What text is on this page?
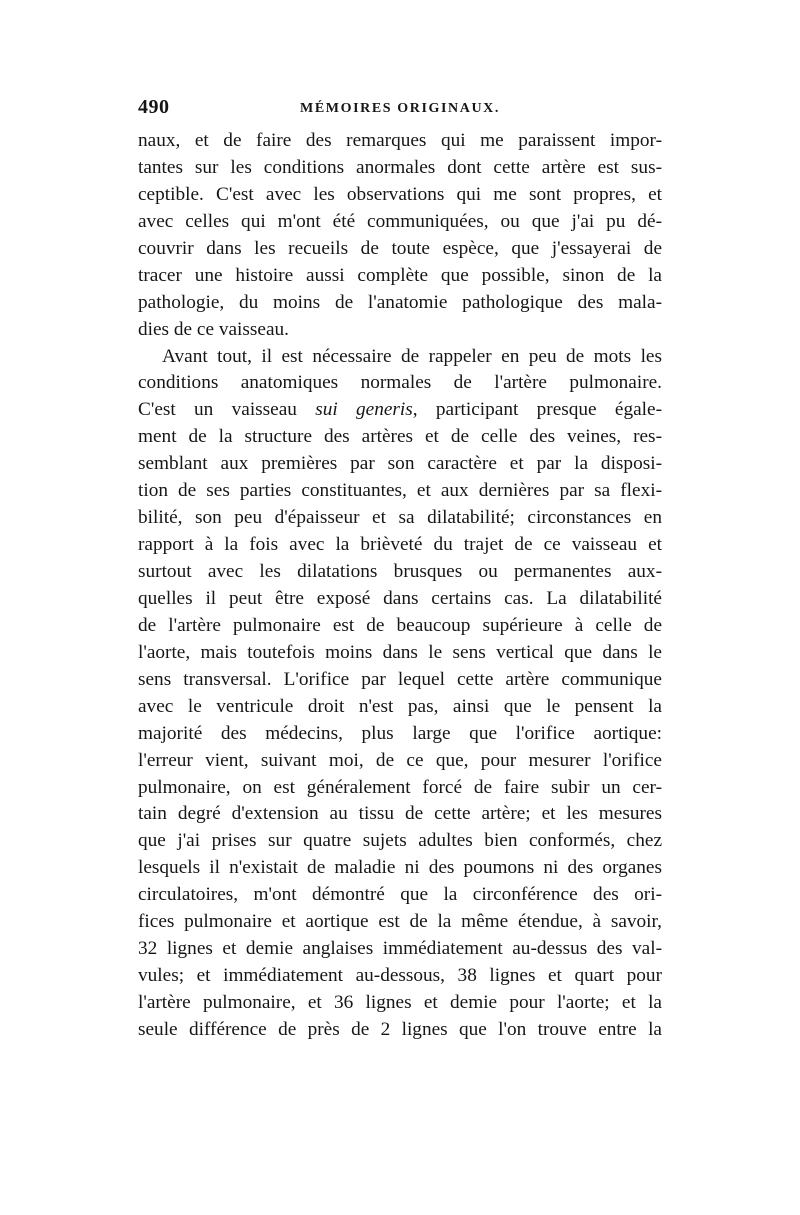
490	MÉMOIRES ORIGINAUX.
naux, et de faire des remarques qui me paraissent impor-
tantes sur les conditions anormales dont cette artère est sus-
ceptible. C'est avec les observations qui me sont propres, et
avec celles qui m'ont été communiquées, ou que j'ai pu dé-
couvrir dans les recueils de toute espèce, que j'essayerai de
tracer une histoire aussi complète que possible, sinon de la
pathologie, du moins de l'anatomie pathologique des mala-
dies de ce vaisseau.
Avant tout, il est nécessaire de rappeler en peu de mots les
conditions anatomiques normales de l'artère pulmonaire.
C'est un vaisseau sui generis, participant presque égale-
ment de la structure des artères et de celle des veines, res-
semblant aux premières par son caractère et par la disposi-
tion de ses parties constituantes, et aux dernières par sa flexi-
bilité, son peu d'épaisseur et sa dilatabilité; circonstances en
rapport à la fois avec la brièveté du trajet de ce vaisseau et
surtout avec les dilatations brusques ou permanentes aux-
quelles il peut être exposé dans certains cas. La dilatabilité
de l'artère pulmonaire est de beaucoup supérieure à celle de
l'aorte, mais toutefois moins dans le sens vertical que dans le
sens transversal. L'orifice par lequel cette artère communique
avec le ventricule droit n'est pas, ainsi que le pensent la
majorité des médecins, plus large que l'orifice aortique:
l'erreur vient, suivant moi, de ce que, pour mesurer l'orifice
pulmonaire, on est généralement forcé de faire subir un cer-
tain degré d'extension au tissu de cette artère; et les mesures
que j'ai prises sur quatre sujets adultes bien conformés, chez
lesquels il n'existait de maladie ni des poumons ni des organes
circulatoires, m'ont démontré que la circonférence des ori-
fices pulmonaire et aortique est de la même étendue, à savoir,
32 lignes et demie anglaises immédiatement au-dessus des val-
vules; et immédiatement au-dessous, 38 lignes et quart pour
l'artère pulmonaire, et 36 lignes et demie pour l'aorte; et la
seule différence de près de 2 lignes que l'on trouve entre la
